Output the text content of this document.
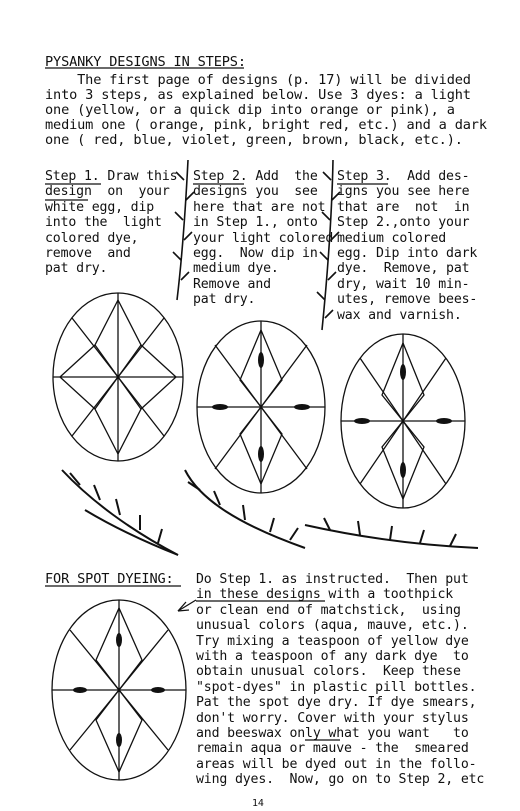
PYSANKY DESIGNS IN STEPS:
The first page of designs (p. 17) will be divided
into 3 steps, as explained below. Use 3 dyes: a light
one (yellow, or a quick dip into orange or pink), a
medium one ( orange, pink, bright red, etc.) and a dark
one ( red, blue, violet, green, brown, black, etc.).
Step 1. Draw this
design  on  your
white egg, dip
into the  light
colored dye,
remove  and
pat dry.
Step 2. Add  the
designs you  see
here that are not
in Step 1., onto
your light colored
egg.  Now dip in
medium dye.
Remove and
pat dry.
Step 3.  Add des-
igns you see here
that are  not  in
Step 2.,onto your
medium colored
egg. Dip into dark
dye.  Remove, pat
dry, wait 10 min-
utes, remove bees-
wax and varnish.
FOR SPOT DYEING: Do Step 1. as instructed.  Then put
in these designs with a toothpick
or clean end of matchstick,  using
unusual colors (aqua, mauve, etc.).
Try mixing a teaspoon of yellow dye
with a teaspoon of any dark dye  to
obtain unusual colors.  Keep these
"spot-dyes" in plastic pill bottles.
Pat the spot dye dry. If dye smears,
don't worry. Cover with your stylus
and beeswax only what you want   to
remain aqua or mauve - the  smeared
areas will be dyed out in the follo-
wing dyes.  Now, go on to Step 2, etc
14
